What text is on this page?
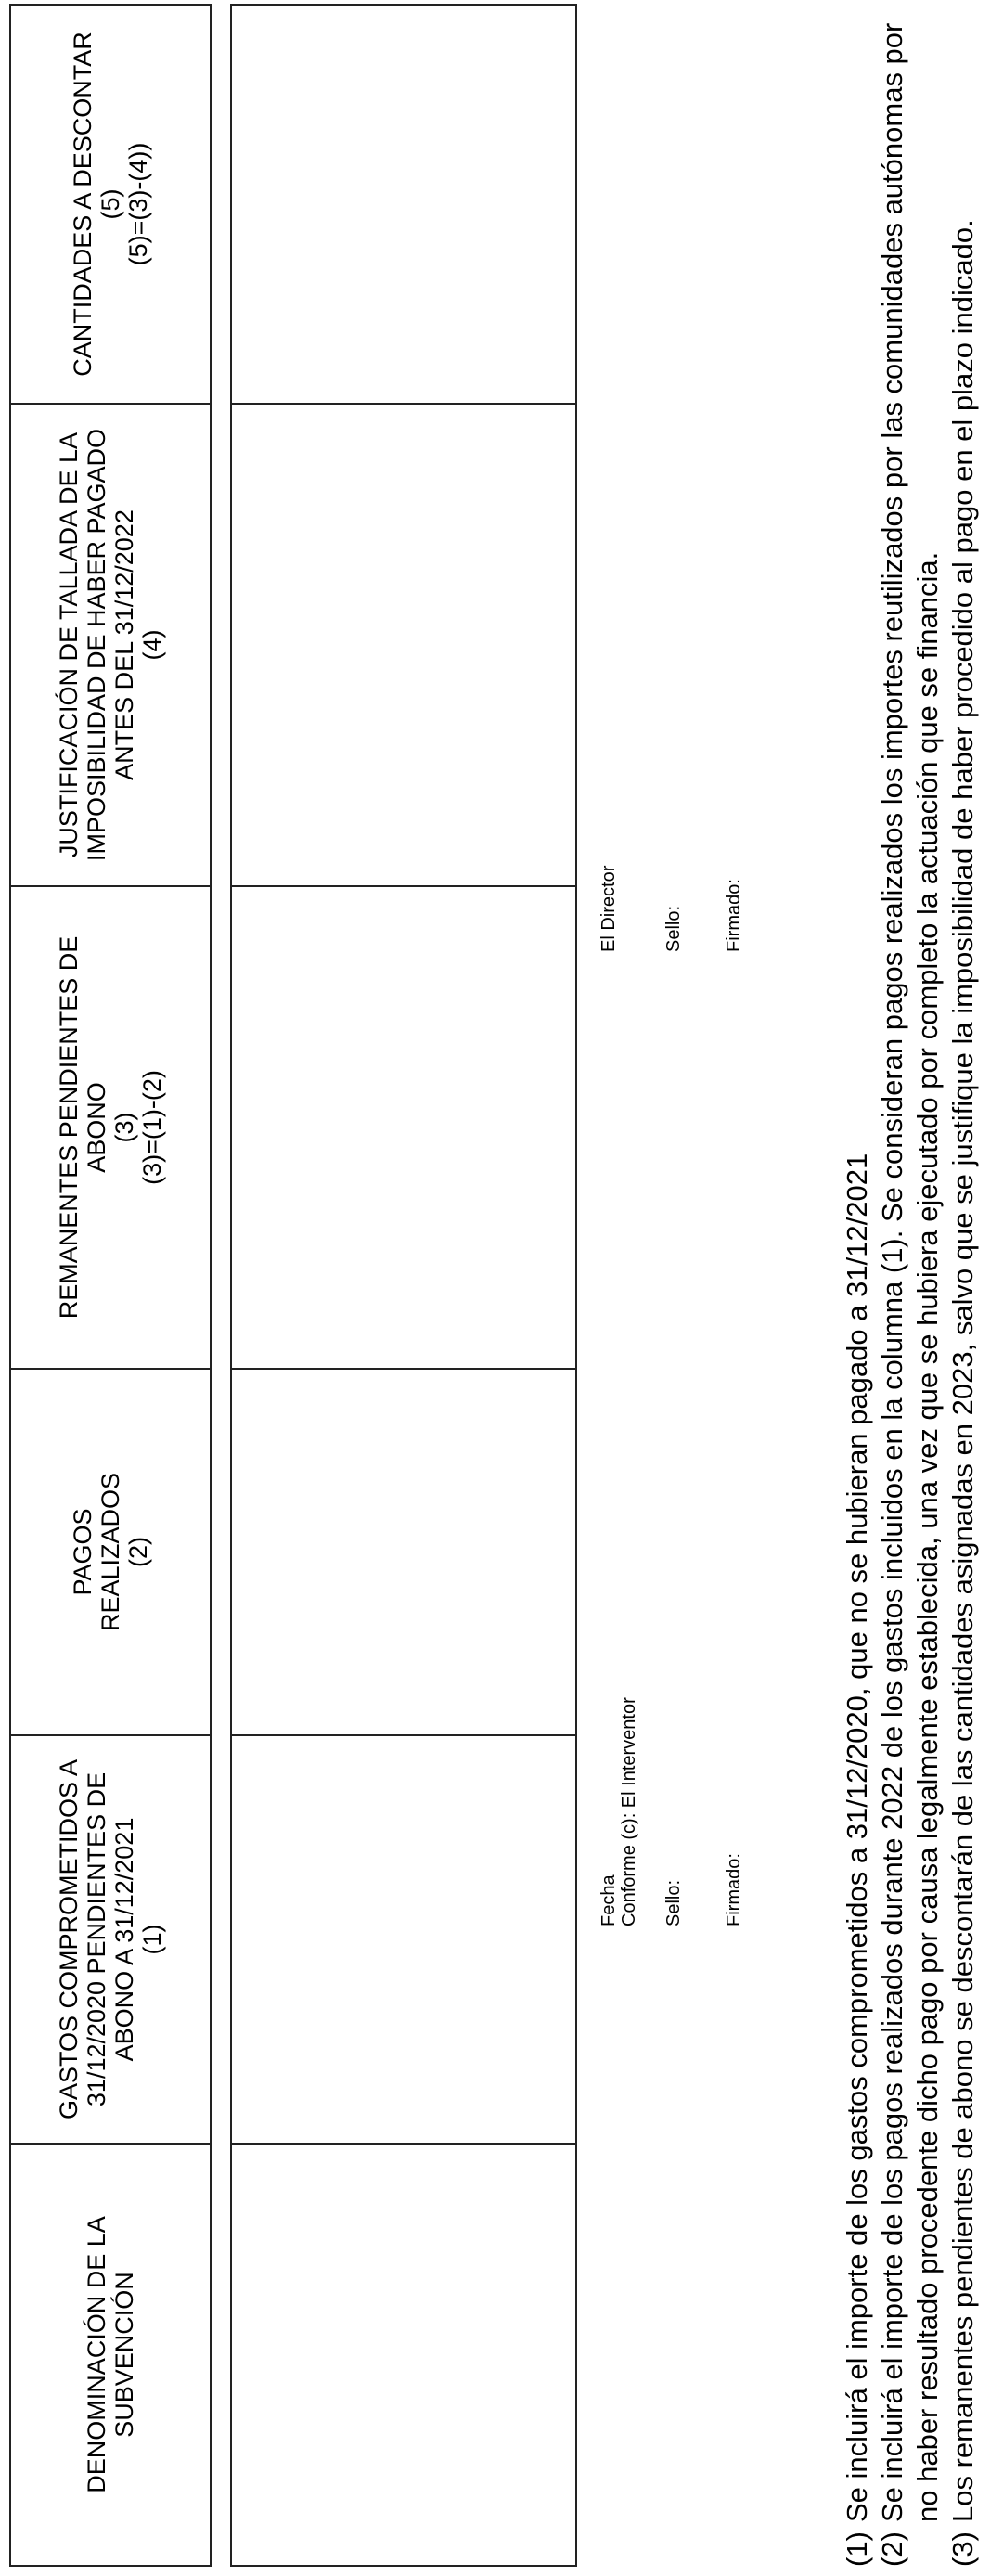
DENOMINACIÓN DE LA
SUBVENCIÓN	GASTOS COMPROMETIDOS A
31/12/2020 PENDIENTES DE
ABONO A 31/12/2021
(1)	PAGOS
REALIZADOS
(2)	REMANENTES PENDIENTES DE
ABONO
(3)
(3)=(1)-(2)	JUSTIFICACIÓN DE TALLADA DE LA
IMPOSIBILIDAD DE HABER PAGADO
ANTES DEL 31/12/2022
(4)	CANTIDADES A DESCONTAR
(5)
(5)=(3)-(4))

Fecha Conforme (c): El Interventor Sello: Firmado:
El Director Sello: Firmado:
(1)
Se incluirá el importe de los gastos comprometidos a 31/12/2020, que no se hubieran pagado a 31/12/2021
(2)
Se incluirá el importe de los pagos realizados durante 2022 de los gastos incluidos en la columna (1). Se consideran pagos realizados los importes reutilizados por las comunidades autónomas por no haber resultado procedente dicho pago por causa legalmente establecida, una vez que se hubiera ejecutado por completo la actuación que se financia.
(3)
Los remanentes pendientes de abono se descontarán de las cantidades asignadas en 2023, salvo que se justifique la imposibilidad de haber procedido al pago en el plazo indicado.
